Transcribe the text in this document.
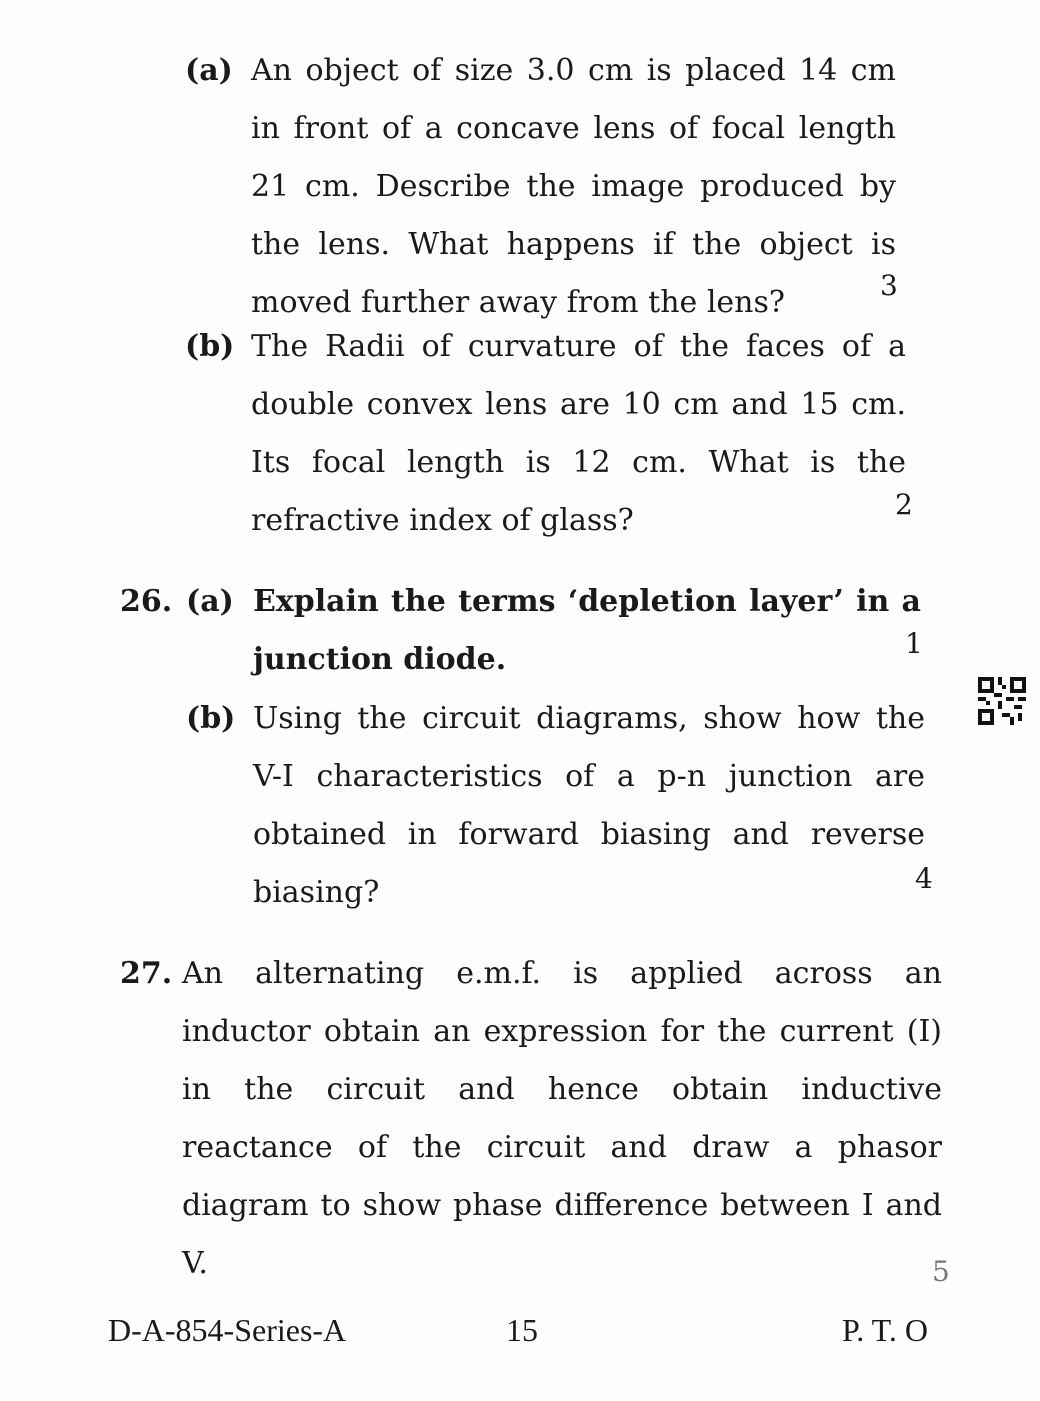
(a) An object of size 3.0 cm is placed 14 cm in front of a concave lens of focal length 21 cm. Describe the image produced by the lens. What happens if the object is moved further away from the lens?	3
(b) The Radii of curvature of the faces of a double convex lens are 10 cm and 15 cm. Its focal length is 12 cm. What is the refractive index of glass?	2
26. (a) Explain the terms ‘depletion layer’ in a junction diode.	1
(b) Using the circuit diagrams, show how the V-I characteristics of a p-n junction are obtained in forward biasing and reverse biasing?	4
27. An alternating e.m.f. is applied across an inductor obtain an expression for the current (I) in the circuit and hence obtain inductive reactance of the circuit and draw a phasor diagram to show phase difference between I and V.	5
D-A-854-Series-A	15	P. T. O
